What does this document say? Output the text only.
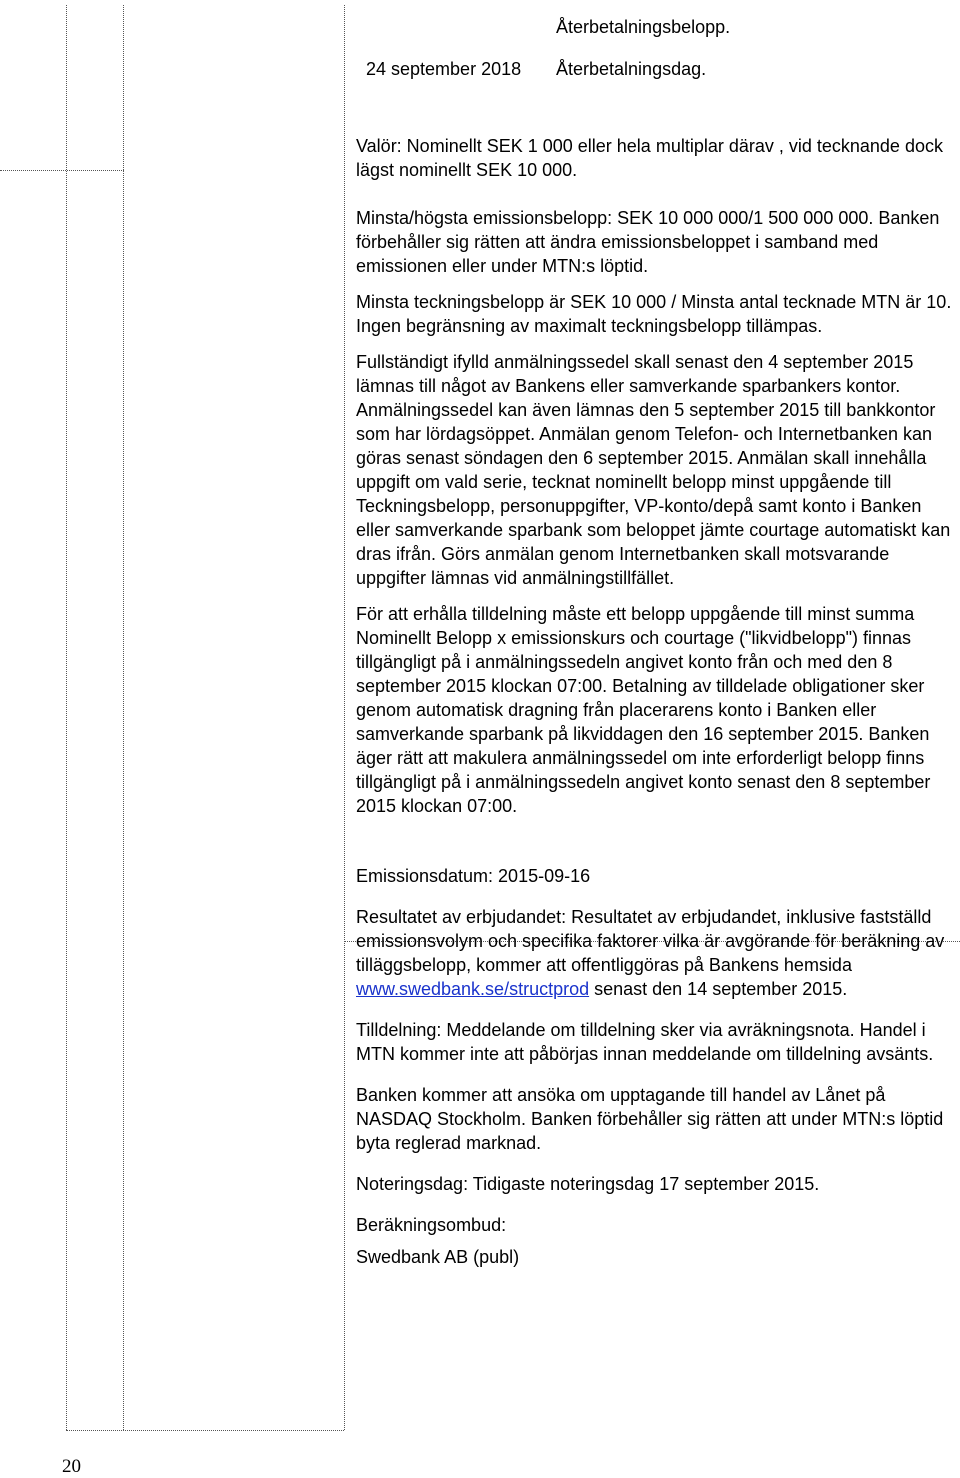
Återbetalningsbelopp.
24 september 2018 Återbetalningsdag.

Valör: Nominellt SEK 1 000 eller hela multiplar därav , vid tecknande dock lägst nominellt SEK 10 000.

Minsta/högsta emissionsbelopp: SEK 10 000 000/1 500 000 000. Banken förbehåller sig rätten att ändra emissionsbeloppet i samband med emissionen eller under MTN:s löptid.

Minsta teckningsbelopp är SEK 10 000 / Minsta antal tecknade MTN är 10. Ingen begränsning av maximalt teckningsbelopp tillämpas.

Fullständigt ifylld anmälningssedel skall senast den 4 september 2015 lämnas till något av Bankens eller samverkande sparbankers kontor. Anmälningssedel kan även lämnas den 5 september 2015 till bankkontor som har lördagsöppet. Anmälan genom Telefon- och Internetbanken kan göras senast söndagen den 6 september 2015. Anmälan skall innehålla uppgift om vald serie, tecknat nominellt belopp minst uppgående till Teckningsbelopp, personuppgifter, VP-konto/depå samt konto i Banken eller samverkande sparbank som beloppet jämte courtage automatiskt kan dras ifrån. Görs anmälan genom Internetbanken skall motsvarande uppgifter lämnas vid anmälningstillfället.

För att erhålla tilldelning måste ett belopp uppgående till minst summa Nominellt Belopp x emissionskurs och courtage ("likvidbelopp") finnas tillgängligt på i anmälningssedeln angivet konto från och med den 8 september 2015 klockan 07:00. Betalning av tilldelade obligationer sker genom automatisk dragning från placerarens konto i Banken eller samverkande sparbank på likviddagen den 16 september 2015. Banken äger rätt att makulera anmälningssedel om inte erforderligt belopp finns tillgängligt på i anmälningssedeln angivet konto senast den 8 september 2015 klockan 07:00.

Emissionsdatum: 2015-09-16

Resultatet av erbjudandet: Resultatet av erbjudandet, inklusive fastställd emissionsvolym och specifika faktorer vilka är avgörande för beräkning av tilläggsbelopp, kommer att offentliggöras på Bankens hemsida www.swedbank.se/structprod senast den 14 september 2015.

Tilldelning: Meddelande om tilldelning sker via avräkningsnota. Handel i MTN kommer inte att påbörjas innan meddelande om tilldelning avsänts.

Banken kommer att ansöka om upptagande till handel av Lånet på NASDAQ Stockholm. Banken förbehåller sig rätten att under MTN:s löptid byta reglerad marknad.

Noteringsdag: Tidigaste noteringsdag 17 september 2015.

Beräkningsombud:

Swedbank AB (publ)

20
